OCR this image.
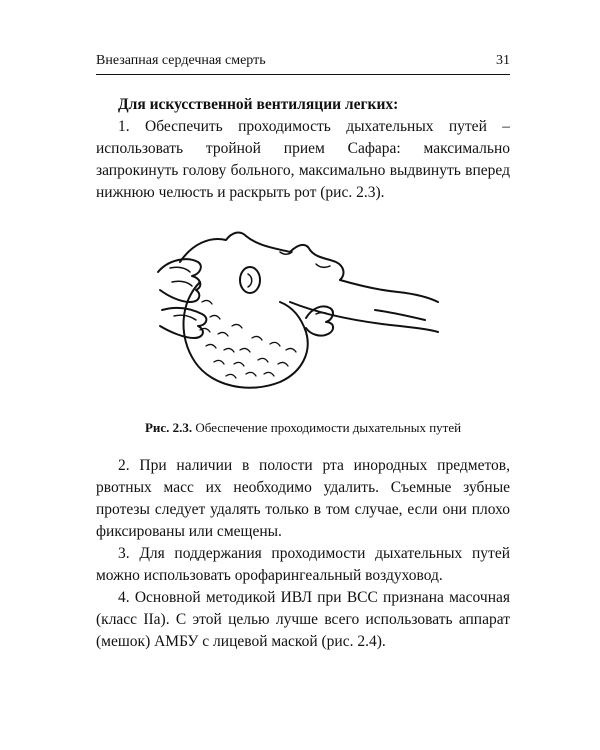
Внезапная сердечная смерть	31

Для искусственной вентиляции легких:

1. Обеспечить проходимость дыхательных путей – использовать тройной прием Сафара: максимально запрокинуть голову больного, максимально выдвинуть вперед нижнюю челюсть и раскрыть рот (рис. 2.3).

Рис. 2.3. Обеспечение проходимости дыхательных путей

2. При наличии в полости рта инородных предметов, рвотных масс их необходимо удалить. Съемные зубные протезы следует удалять только в том случае, если они плохо фиксированы или смещены.

3. Для поддержания проходимости дыхательных путей можно использовать орофарингеальный воздуховод.

4. Основной методикой ИВЛ при ВСС признана масочная (класс IIa). С этой целью лучше всего использовать аппарат (мешок) АМБУ с лицевой маской (рис. 2.4).
